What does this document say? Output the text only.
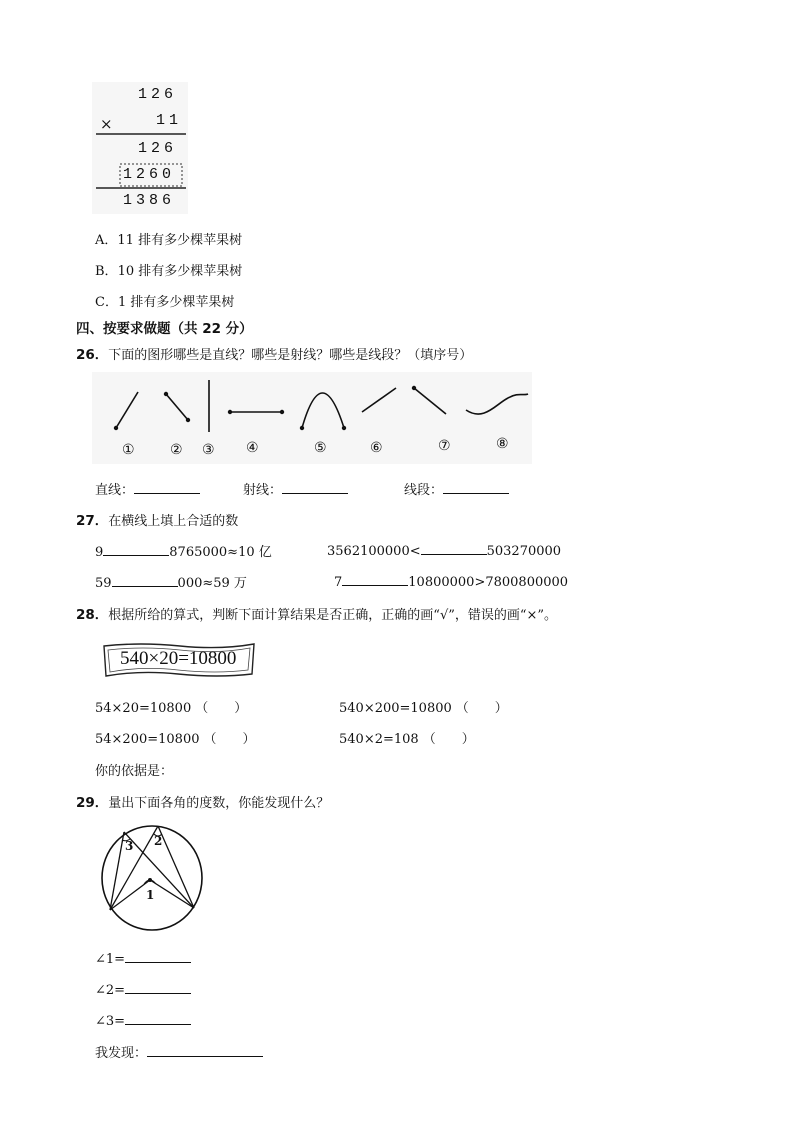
126
×	11
126
1260
1386
A．11 排有多少棵苹果树
B．10 排有多少棵苹果树
C．1 排有多少棵苹果树
四、按要求做题（共 22 分）
26．下面的图形哪些是直线？哪些是射线？哪些是线段？（填序号）
①	② ③ ④	⑤	⑥	⑦	⑧
直线：	射线：	线段：
27．在横线上填上合适的数
9	8765000≈10 亿	3562100000<	503270000
59	000≈59 万	7	10800000>7800800000
28．根据所给的算式，判断下面计算结果是否正确，正确的画“√”，错误的画“×”。
540×20=10800
54×20=10800 （　　）	540×200=10800 （　　）
54×200=10800 （　　）	540×2=108 （　　）
你的依据是：
29．量出下面各角的度数，你能发现什么？
1
2
3
∠1=
∠2=
∠3=
我发现：
